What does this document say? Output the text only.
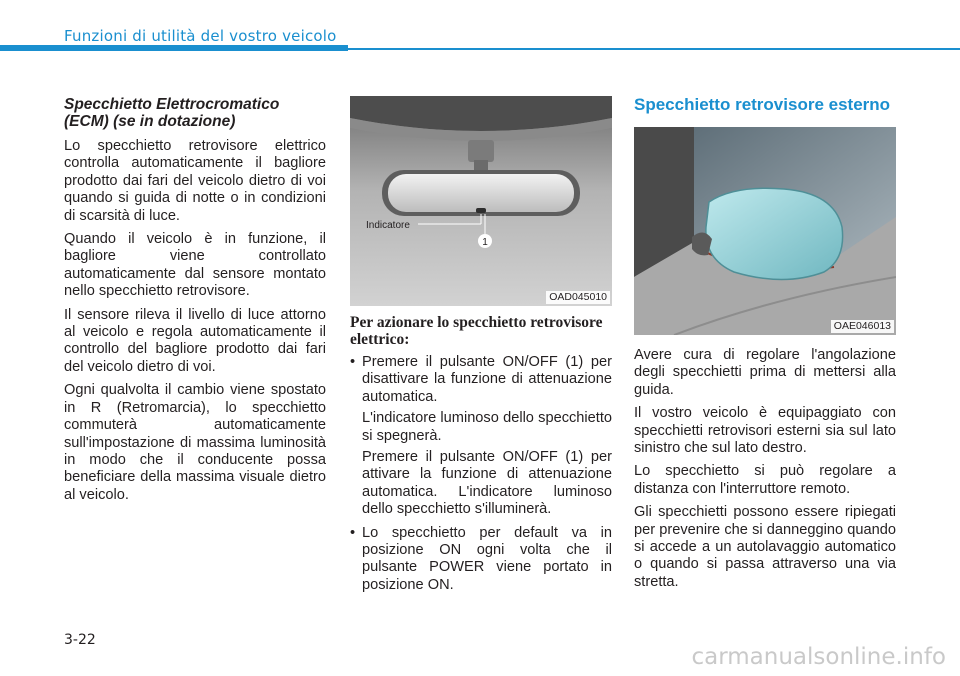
Funzioni di utilità del vostro veicolo
Specchietto Elettrocromatico (ECM) (se in dotazione)

Lo specchietto retrovisore elettrico controlla automaticamente il bagliore prodotto dai fari del veicolo dietro di voi quando si guida di notte o in condizioni di scarsità di luce.

Quando il veicolo è in funzione, il bagliore viene controllato automaticamente dal sensore montato nello specchietto retrovisore.

Il sensore rileva il livello di luce attorno al veicolo e regola automaticamente il controllo del bagliore prodotto dai fari del veicolo dietro di voi.

Ogni qualvolta il cambio viene spostato in R (Retromarcia), lo specchietto commuterà automaticamente sull'impostazione di massima luminosità in modo che il conducente possa beneficiare della massima visuale dietro al veicolo.

1
Indicatore
OAD045010
Per azionare lo specchietto retrovisore elettrico:

• Premere il pulsante ON/OFF (1) per disattivare la funzione di attenuazione automatica.

L'indicatore luminoso dello specchietto si spegnerà.

Premere il pulsante ON/OFF (1) per attivare la funzione di attenuazione automatica. L'indicatore luminoso dello specchietto s'illuminerà.

• Lo specchietto per default va in posizione ON ogni volta che il pulsante POWER viene portato in posizione ON.

Specchietto retrovisore esterno
OAE046013

Avere cura di regolare l'angolazione degli specchietti prima di mettersi alla guida.

Il vostro veicolo è equipaggiato con specchietti retrovisori esterni sia sul lato sinistro che sul lato destro.

Lo specchietto si può regolare a distanza con l'interruttore remoto.

Gli specchietti possono essere ripiegati per prevenire che si danneggino quando si accede a un autolavaggio automatico o quando si passa attraverso una via stretta.

3-22
carmanualsonline.info
